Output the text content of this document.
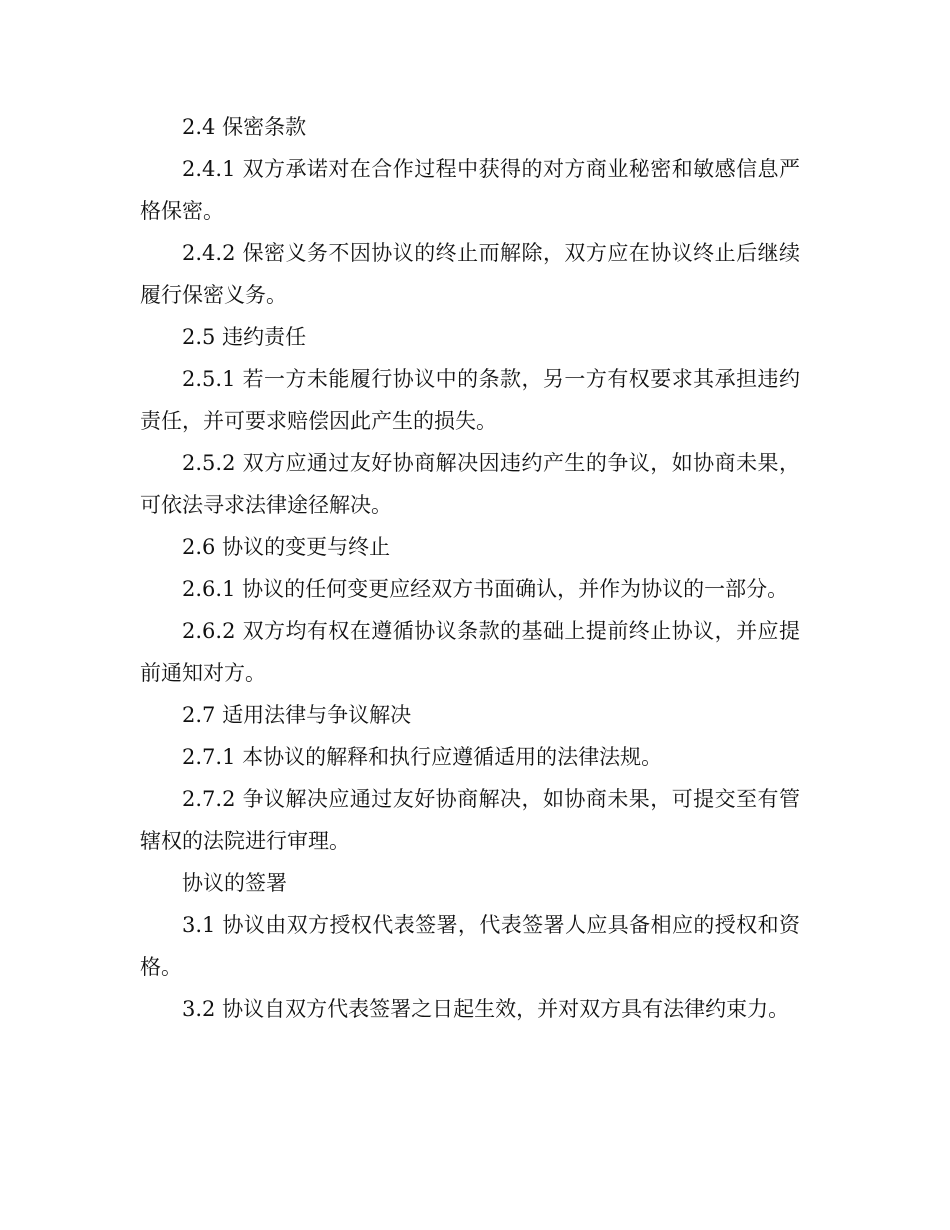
2.4 保密条款

2.4.1 双方承诺对在合作过程中获得的对方商业秘密和敏感信息严格保密。

2.4.2 保密义务不因协议的终止而解除，双方应在协议终止后继续履行保密义务。

2.5 违约责任

2.5.1 若一方未能履行协议中的条款，另一方有权要求其承担违约责任，并可要求赔偿因此产生的损失。

2.5.2 双方应通过友好协商解决因违约产生的争议，如协商未果，可依法寻求法律途径解决。

2.6 协议的变更与终止

2.6.1 协议的任何变更应经双方书面确认，并作为协议的一部分。

2.6.2 双方均有权在遵循协议条款的基础上提前终止协议，并应提前通知对方。

2.7 适用法律与争议解决

2.7.1 本协议的解释和执行应遵循适用的法律法规。

2.7.2 争议解决应通过友好协商解决，如协商未果，可提交至有管辖权的法院进行审理。

协议的签署

3.1 协议由双方授权代表签署，代表签署人应具备相应的授权和资格。

3.2 协议自双方代表签署之日起生效，并对双方具有法律约束力。
